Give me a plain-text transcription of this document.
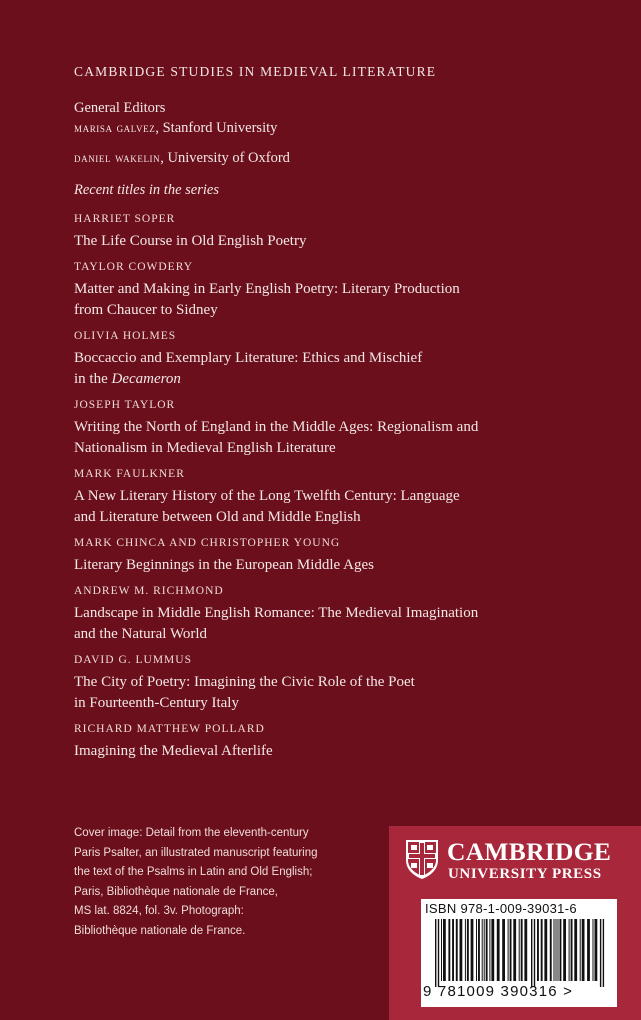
CAMBRIDGE STUDIES IN MEDIEVAL LITERATURE
General Editors
marisa galvez, Stanford University
daniel wakelin, University of Oxford
Recent titles in the series
HARRIET SOPER
The Life Course in Old English Poetry
TAYLOR COWDERY
Matter and Making in Early English Poetry: Literary Production
from Chaucer to Sidney
OLIVIA HOLMES
Boccaccio and Exemplary Literature: Ethics and Mischief
in the Decameron
JOSEPH TAYLOR
Writing the North of England in the Middle Ages: Regionalism and
Nationalism in Medieval English Literature
MARK FAULKNER
A New Literary History of the Long Twelfth Century: Language
and Literature between Old and Middle English
MARK CHINCA AND CHRISTOPHER YOUNG
Literary Beginnings in the European Middle Ages
ANDREW M. RICHMOND
Landscape in Middle English Romance: The Medieval Imagination
and the Natural World
DAVID G. LUMMUS
The City of Poetry: Imagining the Civic Role of the Poet
in Fourteenth-Century Italy
RICHARD MATTHEW POLLARD
Imagining the Medieval Afterlife
Cover image: Detail from the eleventh-century
Paris Psalter, an illustrated manuscript featuring
the text of the Psalms in Latin and Old English;
Paris, Bibliothèque nationale de France,
MS lat. 8824, fol. 3v. Photograph:
Bibliothèque nationale de France.
CAMBRIDGE
UNIVERSITY PRESS
ISBN 978-1-009-39031-6
9 781009 390316 >
